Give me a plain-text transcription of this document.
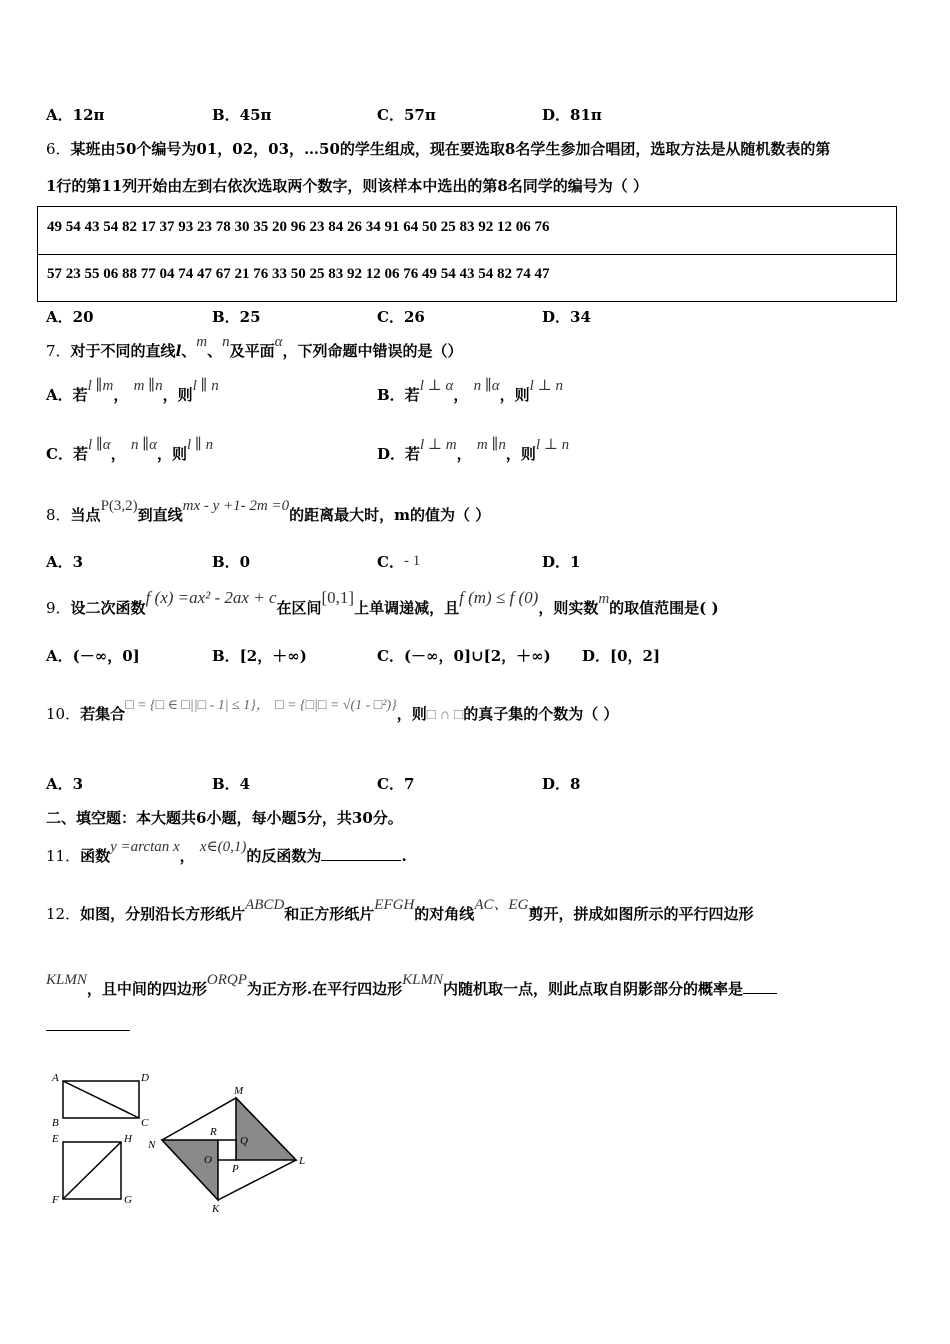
A．12π	B．45π	C．57π	D．81π
6．某班由50个编号为01，02，03，…50的学生组成，现在要选取8名学生参加合唱团，选取方法是从随机数表的第
1行的第11列开始由左到右依次选取两个数字，则该样本中选出的第8名同学的编号为（ ）
49 54 43 54 82 17 37 93 23 78 30 35 20 96 23 84 26 34 91 64 50 25 83 92 12 06 76
57 23 55 06 88 77 04 74 47 67 21 76 33 50 25 83 92 12 06 76 49 54 43 54 82 74 47
A．20	B．25	C．26	D．34
7．对于不同的直线l、m、n及平面α，下列命题中错误的是（）
A．若l ∥m， m ∥n，则l ∥ n	B．若l ⊥ α， n ∥α，则l ⊥ n
C．若l ∥α， n ∥α，则l ∥ n	D．若l ⊥ m， m ∥n，则l ⊥ n
8．当点P(3,2)到直线mx - y +1- 2m =0的距离最大时，m的值为（ ）
A．3	B．0	C．- 1	D．1
9．设二次函数f (x) =ax² - 2ax + c在区间[0,1]上单调递减，且f (m) ≤ f (0)，则实数m的取值范围是( )
A．(－∞，0]	B．[2，＋∞)	C．(－∞，0]∪[2，＋∞) D．[0，2]
10．若集合□ = {□ ∈ □||□ - 1| ≤ 1}， □ = {□|□ = √(1 - □²)}，则□ ∩ □的真子集的个数为（ ）
A．3	B．4	C．7	D．8
二、填空题：本大题共6小题，每小题5分，共30分。
11．函数y =arctan x， x∈(0,1)的反函数为	.
12．如图，分别沿长方形纸片ABCD和正方形纸片EFGH的对角线AC、EG剪开，拼成如图所示的平行四边形
KLMN，且中间的四边形ORQP为正方形.在平行四边形KLMN内随机取一点，则此点取自阴影部分的概率是
A	D
B	C
E	H
F	G
M
N
R
Q
O
P
L
K
